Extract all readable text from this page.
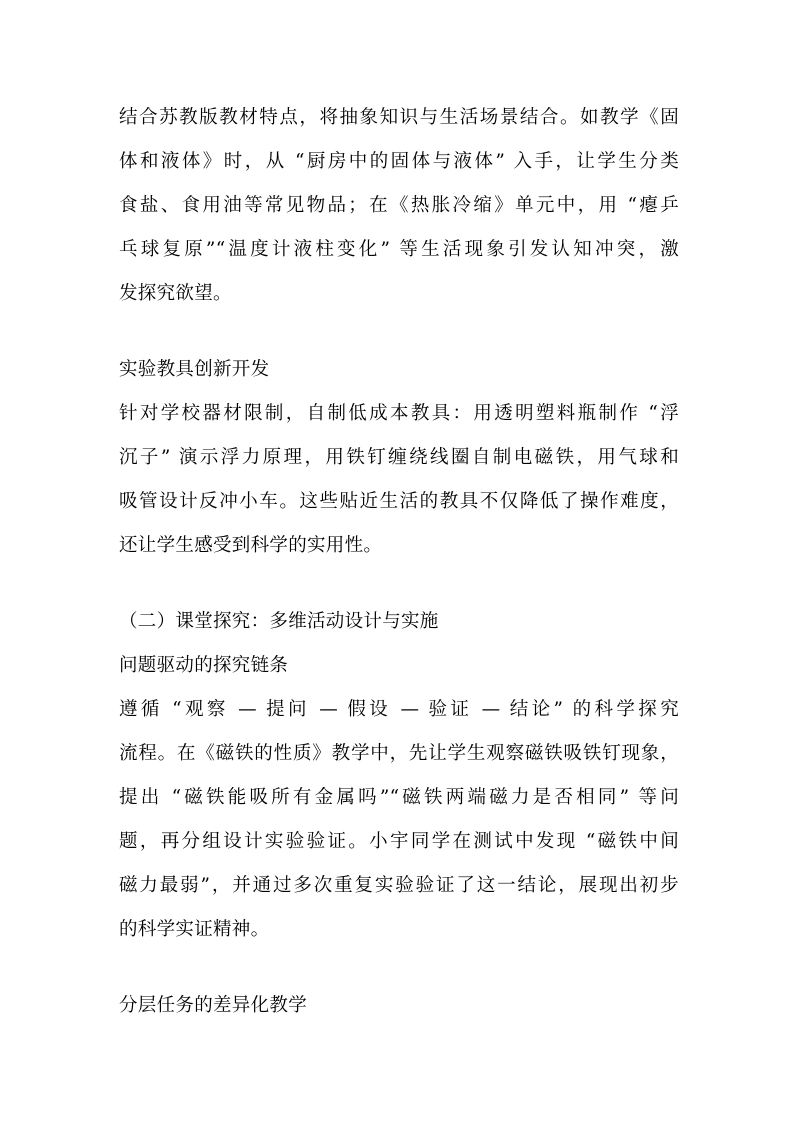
结合苏教版教材特点，将抽象知识与生活场景结合。如教学《固
体和液体》时，从 “厨房中的固体与液体” 入手，让学生分类
食盐、食用油等常见物品；在《热胀冷缩》单元中，用 “瘪乒
乓球复原”“温度计液柱变化” 等生活现象引发认知冲突，激
发探究欲望。
实验教具创新开发
针对学校器材限制，自制低成本教具：用透明塑料瓶制作 “浮
沉子” 演示浮力原理，用铁钉缠绕线圈自制电磁铁，用气球和
吸管设计反冲小车。这些贴近生活的教具不仅降低了操作难度，
还让学生感受到科学的实用性。
（二）课堂探究：多维活动设计与实施
问题驱动的探究链条
遵循 “观察 — 提问 — 假设 — 验证 — 结论” 的科学探究
流程。在《磁铁的性质》教学中，先让学生观察磁铁吸铁钉现象，
提出 “磁铁能吸所有金属吗”“磁铁两端磁力是否相同” 等问
题，再分组设计实验验证。小宇同学在测试中发现 “磁铁中间
磁力最弱”，并通过多次重复实验验证了这一结论，展现出初步
的科学实证精神。
分层任务的差异化教学
